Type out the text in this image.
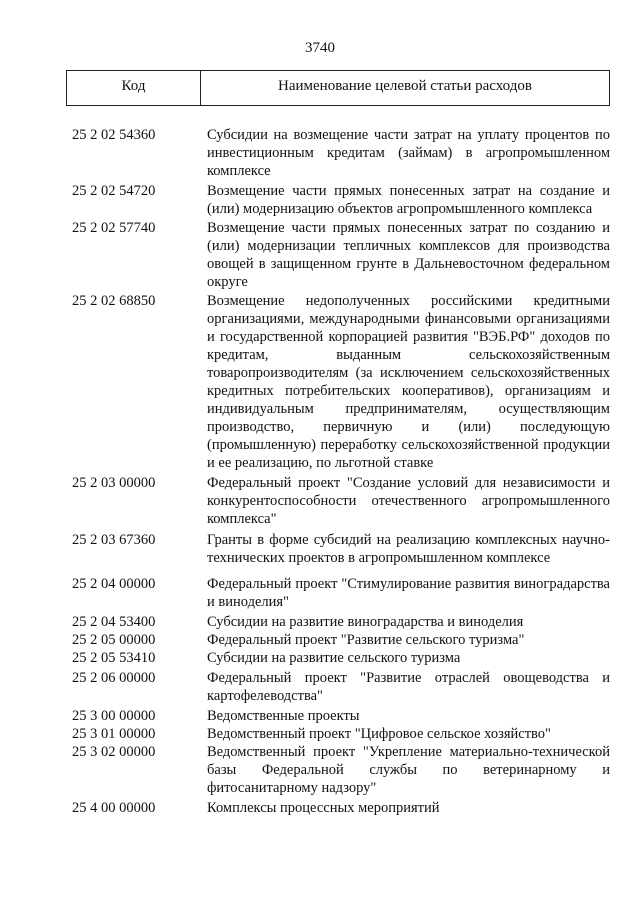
3740
Код	Наименование целевой статьи расходов
25 2 02 54360	Субсидии на возмещение части затрат на уплату процентов по инвестиционным кредитам (займам) в агропромышленном комплексе
25 2 02 54720	Возмещение части прямых понесенных затрат на создание и (или) модернизацию объектов агропромышленного комплекса
25 2 02 57740	Возмещение части прямых понесенных затрат по созданию и (или) модернизации тепличных комплексов для производства овощей в защищенном грунте в Дальневосточном федеральном округе
25 2 02 68850	Возмещение недополученных российскими кредитными организациями, международными финансовыми организациями и государственной корпорацией развития "ВЭБ.РФ" доходов по кредитам, выданным сельскохозяйственным товаропроизводителям (за исключением сельскохозяйственных кредитных потребительских кооперативов), организациям и индивидуальным предпринимателям, осуществляющим производство, первичную и (или) последующую (промышленную) переработку сельскохозяйственной продукции и ее реализацию, по льготной ставке
25 2 03 00000	Федеральный проект "Создание условий для независимости и конкурентоспособности отечественного агропромышленного комплекса"
25 2 03 67360	Гранты в форме субсидий на реализацию комплексных научно-технических проектов в агропромышленном комплексе
25 2 04 00000	Федеральный проект "Стимулирование развития виноградарства и виноделия"
25 2 04 53400	Субсидии на развитие виноградарства и виноделия
25 2 05 00000	Федеральный проект "Развитие сельского туризма"
25 2 05 53410	Субсидии на развитие сельского туризма
25 2 06 00000	Федеральный проект "Развитие отраслей овощеводства и картофелеводства"
25 3 00 00000	Ведомственные проекты
25 3 01 00000	Ведомственный проект "Цифровое сельское хозяйство"
25 3 02 00000	Ведомственный проект "Укрепление материально-технической базы Федеральной службы по ветеринарному и фитосанитарному надзору"
25 4 00 00000	Комплексы процессных мероприятий
